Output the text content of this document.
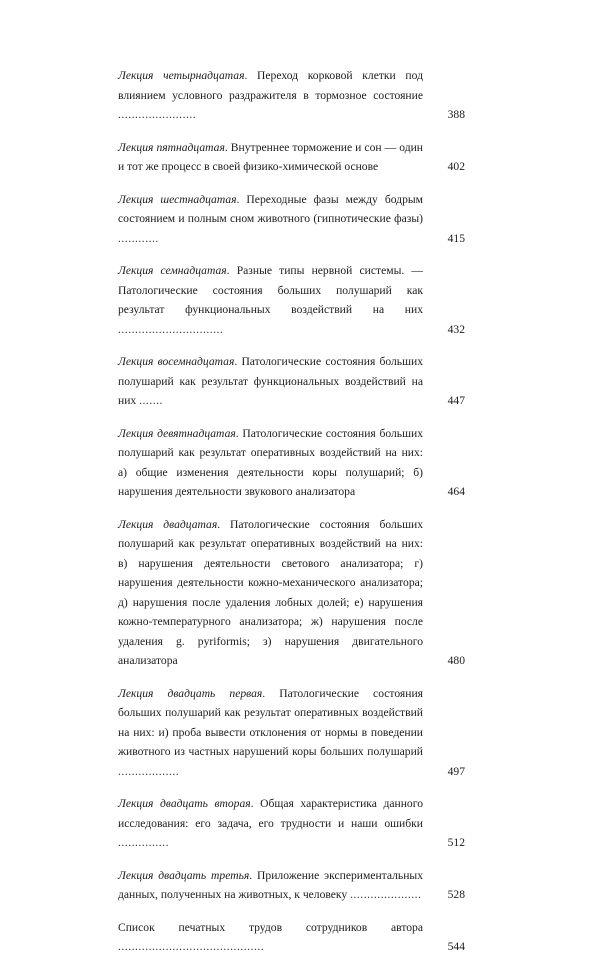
Лекция четырнадцатая. Переход корковой клетки под влиянием условного раздражителя в тормозное состояние .......................	388
Лекция пятнадцатая. Внутреннее торможение и сон — один и тот же процесс в своей физико-химической основе	402
Лекция шестнадцатая. Переходные фазы между бодрым состоянием и полным сном животного (гипнотические фазы) ............	415
Лекция семнадцатая. Разные типы нервной системы. — Патологические состояния больших полушарий как результат функциональных воздействий на них ...............................	432
Лекция восемнадцатая. Патологические состояния больших полушарий как результат функциональных воздействий на них .......	447
Лекция девятнадцатая. Патологические состояния больших полушарий как результат оперативных воздействий на них: а) общие изменения деятельности коры полушарий; б) нарушения деятельности звукового анализатора	464
Лекция двадцатая. Патологические состояния больших полушарий как результат оперативных воздействий на них: в) нарушения деятельности светового анализатора; г) нарушения деятельности кожно-механического анализатора; д) нарушения после удаления лобных долей; е) нарушения кожно-температурного анализатора; ж) нарушения после удаления g. pyriformis; з) нарушения двигательного анализатора	480
Лекция двадцать первая. Патологические состояния больших полушарий как результат оперативных воздействий на них: и) проба вывести отклонения от нормы в поведении животного из частных нарушений коры больших полушарий ..................	497
Лекция двадцать вторая. Общая характеристика данного исследования: его задача, его трудности и наши ошибки ...............	512
Лекция двадцать третья. Приложение экспериментальных данных, полученных на животных, к человеку ..................... 528
Список печатных трудов сотрудников автора ...........................................	544
